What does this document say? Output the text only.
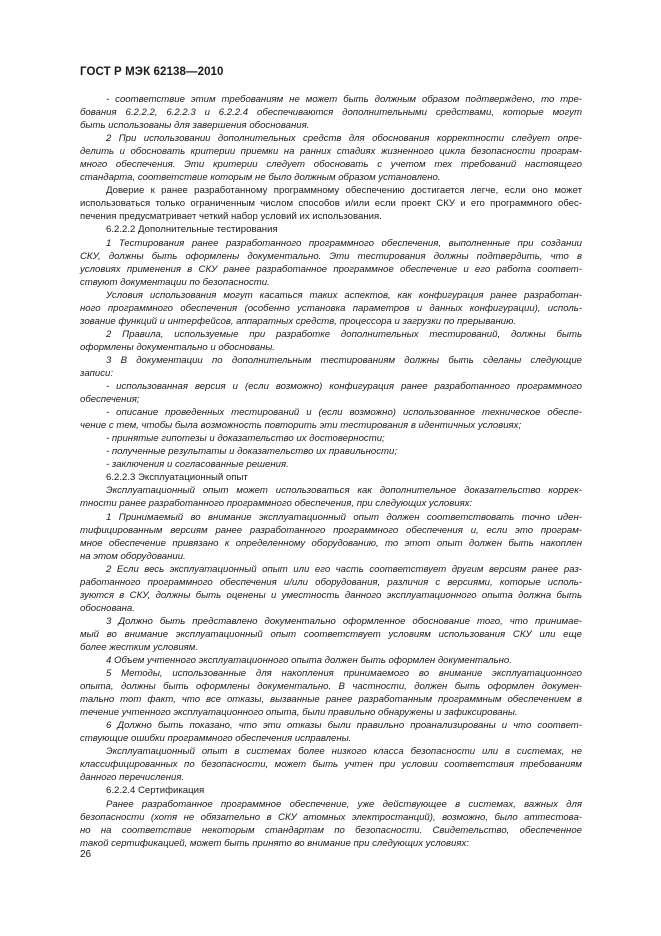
ГОСТ Р МЭК 62138—2010
- соответствие этим требованиям не может быть должным образом подтверждено, то тре-
бования 6.2.2.2, 6.2.2.3 и 6.2.2.4 обеспечиваются дополнительными средствами, которые могут
быть использованы для завершения обоснования.
2 При использовании дополнительных средств для обоснования корректности следует опре-
делить и обосновать критерии приемки на ранних стадиях жизненного цикла безопасности програм-
много обеспечения. Эти критерии следует обосновать с учетом тех требований настоящего
стандарта, соответствие которым не было должным образом установлено.
Доверие к ранее разработанному программному обеспечению достигается легче, если оно может
использоваться только ограниченным числом способов и/или если проект СКУ и его программного обес-
печения предусматривает четкий набор условий их использования.
6.2.2.2 Дополнительные тестирования
1 Тестирования ранее разработанного программного обеспечения, выполненные при создании
СКУ, должны быть оформлены документально. Эти тестирования должны подтвердить, что в
условиях применения в СКУ ранее разработанное программное обеспечение и его работа соответ-
ствуют документации по безопасности.
Условия использования могут касаться таких аспектов, как конфигурация ранее разработан-
ного программного обеспечения (особенно установка параметров и данных конфигурации), исполь-
зование функций и интерфейсов, аппаратных средств, процессора и загрузки по прерыванию.
2 Правила, используемые при разработке дополнительных тестирований, должны быть
оформлены документально и обоснованы.
3 В документации по дополнительным тестированиям должны быть сделаны следующие
записи:
- использованная версия и (если возможно) конфигурация ранее разработанного программного
обеспечения;
- описание проведенных тестирований и (если возможно) использованное техническое обеспе-
чение с тем, чтобы была возможность повторить эти тестирования в идентичных условиях;
- принятые гипотезы и доказательство их достоверности;
- полученные результаты и доказательство их правильности;
- заключения и согласованные решения.
6.2.2.3 Эксплуатационный опыт
Эксплуатационный опыт может использоваться как дополнительное доказательство коррек-
тности ранее разработанного программного обеспечения, при следующих условиях:
1 Принимаемый во внимание эксплуатационный опыт должен соответствовать точно иден-
тифицированным версиям ранее разработанного программного обеспечения и, если это програм-
мное обеспечение привязано к определенному оборудованию, то этот опыт должен быть накоплен
на этом оборудовании.
2 Если весь эксплуатационный опыт или его часть соответствует другим версиям ранее раз-
работанного программного обеспечения и/или оборудования, различия с версиями, которые исполь-
зуются в СКУ, должны быть оценены и уместность данного эксплуатационного опыта должна быть
обоснована.
3 Должно быть представлено документально оформленное обоснование того, что принимае-
мый во внимание эксплуатационный опыт соответствует условиям использования СКУ или еще
более жестким условиям.
4 Объем учтенного эксплуатационного опыта должен быть оформлен документально.
5 Методы, использованные для накопления принимаемого во внимание эксплуатационного
опыта, должны быть оформлены документально. В частности, должен быть оформлен докумен-
тально тот факт, что все отказы, вызванные ранее разработанным программным обеспечением в
течение учтенного эксплуатационного опыта, были правильно обнаружены и зафиксированы.
6 Должно быть показано, что эти отказы были правильно проанализированы и что соответ-
ствующие ошибки программного обеспечения исправлены.
Эксплуатационный опыт в системах более низкого класса безопасности или в системах, не
классифицированных по безопасности, может быть учтен при условии соответствия требованиям
данного перечисления.
6.2.2.4 Сертификация
Ранее разработанное программное обеспечение, уже действующее в системах, важных для
безопасности (хотя не обязательно в СКУ атомных электростанций), возможно, было аттестова-
но на соответствие некоторым стандартам по безопасности. Свидетельство, обеспеченное
такой сертификацией, может быть принято во внимание при следующих условиях:
26
